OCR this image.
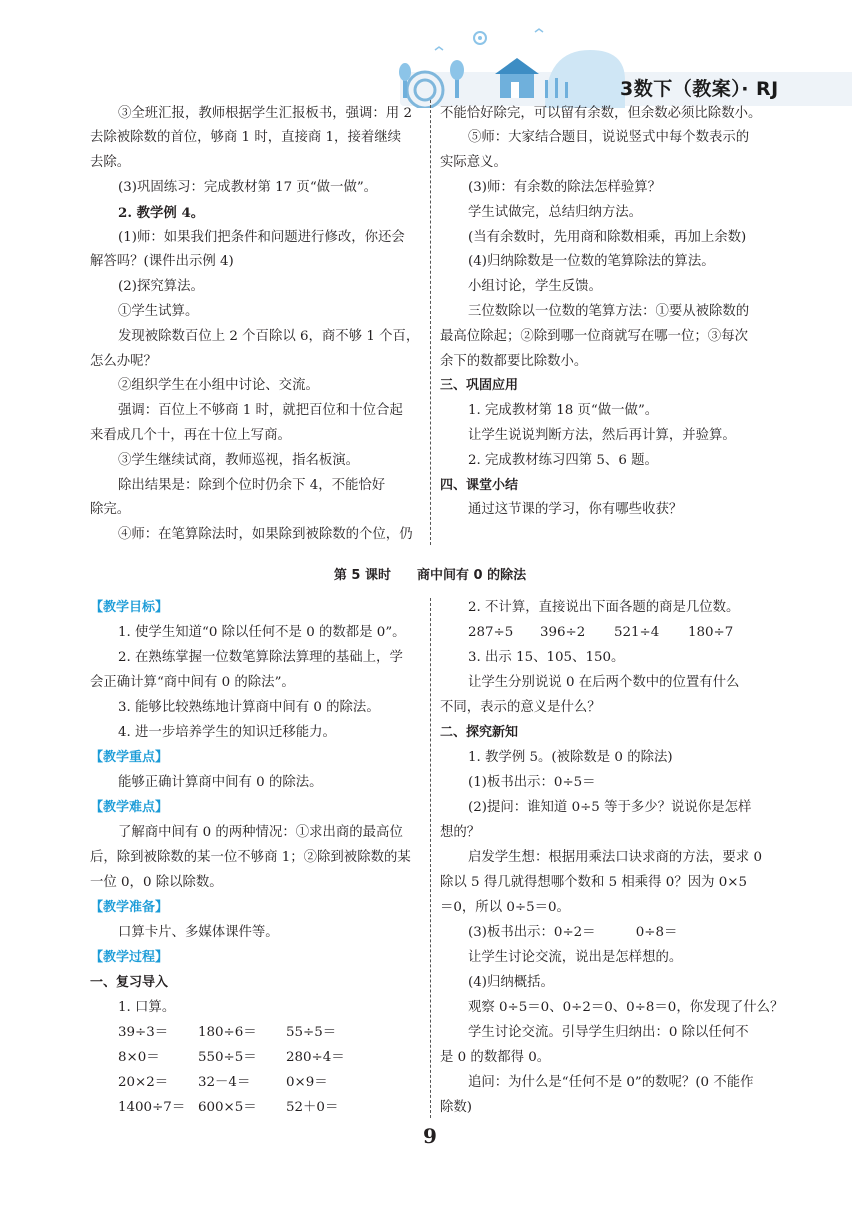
3数下（教案）· RJ
③全班汇报，教师根据学生汇报板书，强调：用 2
去除被除数的首位，够商 1 时，直接商 1，接着继续
去除。
(3)巩固练习：完成教材第 17 页“做一做”。
2. 教学例 4。
(1)师：如果我们把条件和问题进行修改，你还会
解答吗？(课件出示例 4)
(2)探究算法。
①学生试算。
发现被除数百位上 2 个百除以 6，商不够 1 个百，
怎么办呢？
②组织学生在小组中讨论、交流。
强调：百位上不够商 1 时，就把百位和十位合起
来看成几个十，再在十位上写商。
③学生继续试商，教师巡视，指名板演。
除出结果是：除到个位时仍余下 4，不能恰好
除完。
④师：在笔算除法时，如果除到被除数的个位，仍
不能恰好除完，可以留有余数，但余数必须比除数小。
⑤师：大家结合题目，说说竖式中每个数表示的
实际意义。
(3)师：有余数的除法怎样验算？
学生试做完，总结归纳方法。
(当有余数时，先用商和除数相乘，再加上余数)
(4)归纳除数是一位数的笔算除法的算法。
小组讨论，学生反馈。
三位数除以一位数的笔算方法：①要从被除数的
最高位除起；②除到哪一位商就写在哪一位；③每次
余下的数都要比除数小。
三、巩固应用
1. 完成教材第 18 页“做一做”。
让学生说说判断方法，然后再计算，并验算。
2. 完成教材练习四第 5、6 题。
四、课堂小结
通过这节课的学习，你有哪些收获？
第 5 课时　　商中间有 0 的除法
【教学目标】
1. 使学生知道“0 除以任何不是 0 的数都是 0”。
2. 在熟练掌握一位数笔算除法算理的基础上，学
会正确计算“商中间有 0 的除法”。
3. 能够比较熟练地计算商中间有 0 的除法。
4. 进一步培养学生的知识迁移能力。
【教学重点】
能够正确计算商中间有 0 的除法。
【教学难点】
了解商中间有 0 的两种情况：①求出商的最高位
后，除到被除数的某一位不够商 1；②除到被除数的某
一位 0，0 除以除数。
【教学准备】
口算卡片、多媒体课件等。
【教学过程】
一、复习导入
1. 口算。
39÷3＝ 180÷6＝ 55÷5＝
8×0＝	550÷5＝ 280÷4＝
20×2＝ 32－4＝	0×9＝
1400÷7＝ 600×5＝ 52＋0＝
2. 不计算，直接说出下面各题的商是几位数。
287÷5 396÷2 521÷4 180÷7
3. 出示 15、105、150。
让学生分别说说 0 在后两个数中的位置有什么
不同，表示的意义是什么？
二、探究新知
1. 教学例 5。(被除数是 0 的除法)
(1)板书出示：0÷5＝
(2)提问：谁知道 0÷5 等于多少？说说你是怎样
想的？
启发学生想：根据用乘法口诀求商的方法，要求 0
除以 5 得几就得想哪个数和 5 相乘得 0？因为 0×5
＝0，所以 0÷5＝0。
(3)板书出示：0÷2＝　　　0÷8＝
让学生讨论交流，说出是怎样想的。
(4)归纳概括。
观察 0÷5＝0、0÷2＝0、0÷8＝0，你发现了什么？
学生讨论交流。引导学生归纳出：0 除以任何不
是 0 的数都得 0。
追问：为什么是“任何不是 0”的数呢？(0 不能作
除数)
9
